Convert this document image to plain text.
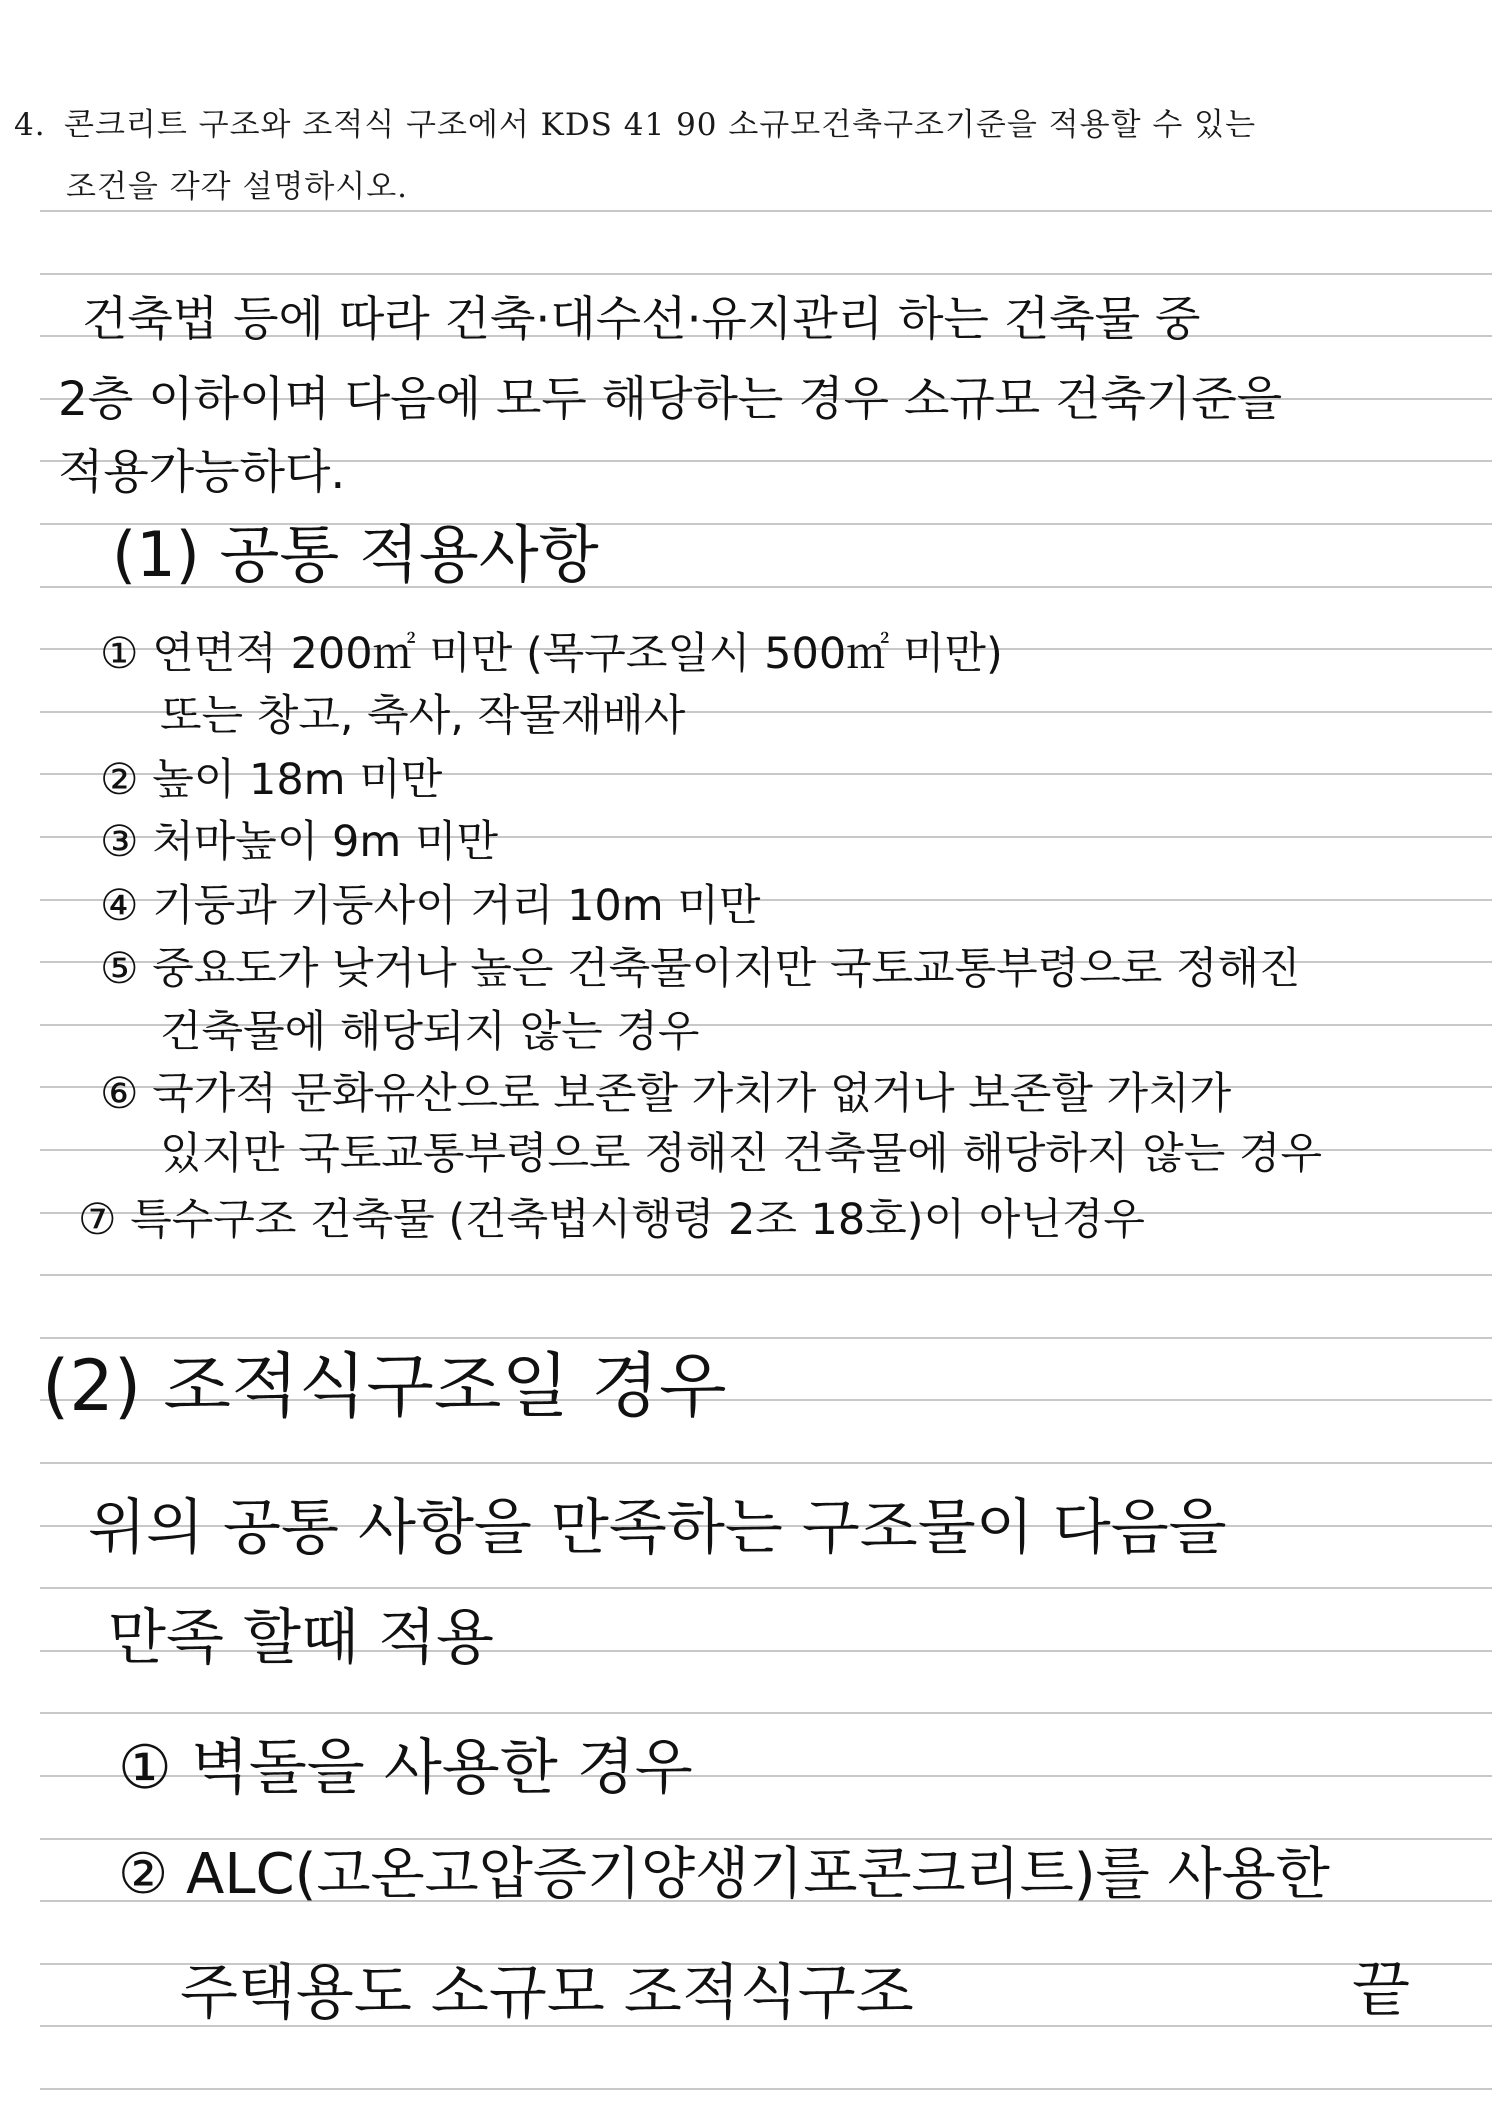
4. 콘크리트 구조와 조적식 구조에서 KDS 41 90 소규모건축구조기준을 적용할 수 있는
조건을 각각 설명하시오.
건축법 등에 따라 건축·대수선·유지관리 하는 건축물 중
2층 이하이며 다음에 모두 해당하는 경우 소규모 건축기준을
적용가능하다.
(1) 공통 적용사항
① 연면적 200㎡ 미만 (목구조일시 500㎡ 미만)
또는 창고, 축사, 작물재배사
② 높이 18m 미만
③ 처마높이 9m 미만
④ 기둥과 기둥사이 거리 10m 미만
⑤ 중요도가 낮거나 높은 건축물이지만 국토교통부령으로 정해진
건축물에 해당되지 않는 경우
⑥ 국가적 문화유산으로 보존할 가치가 없거나 보존할 가치가
있지만 국토교통부령으로 정해진 건축물에 해당하지 않는 경우
⑦ 특수구조 건축물 (건축법시행령 2조 18호)이 아닌경우
(2) 조적식구조일 경우
위의 공통 사항을 만족하는 구조물이 다음을
만족 할때 적용
① 벽돌을 사용한 경우
② ALC(고온고압증기양생기포콘크리트)를 사용한
주택용도 소규모 조적식구조	끝
